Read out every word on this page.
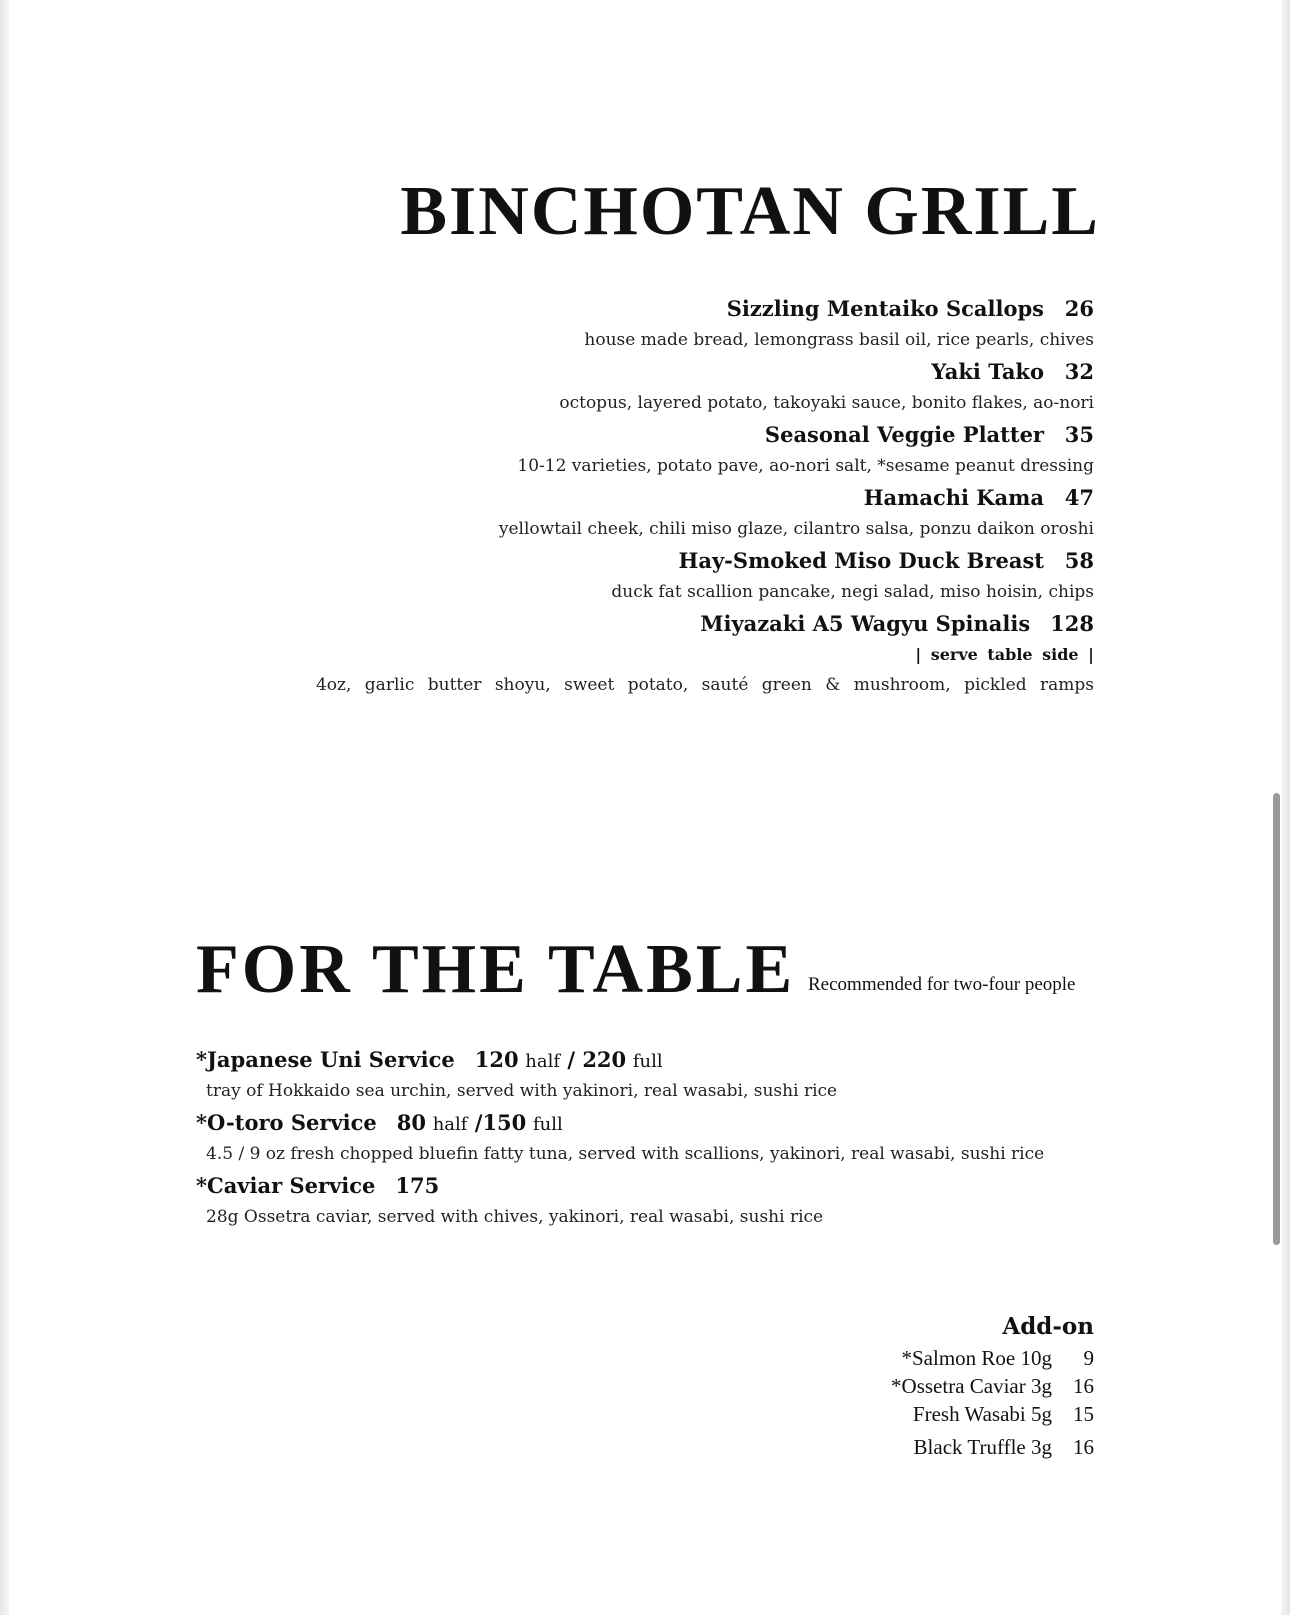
BINCHOTAN GRILL
Sizzling Mentaiko Scallops 26
house made bread, lemongrass basil oil, rice pearls, chives
Yaki Tako 32
octopus, layered potato, takoyaki sauce, bonito flakes, ao-nori
Seasonal Veggie Platter 35
10-12 varieties, potato pave, ao-nori salt, *sesame peanut dressing
Hamachi Kama 47
yellowtail cheek, chili miso glaze, cilantro salsa, ponzu daikon oroshi
Hay-Smoked Miso Duck Breast 58
duck fat scallion pancake, negi salad, miso hoisin, chips
Miyazaki A5 Wagyu Spinalis 128
| serve table side |
4oz, garlic butter shoyu, sweet potato, sauté green & mushroom, pickled ramps
FOR THE TABLE Recommended for two-four people
*Japanese Uni Service 120 half / 220 full
tray of Hokkaido sea urchin, served with yakinori, real wasabi, sushi rice
*O-toro Service 80 half /150 full
4.5 / 9 oz fresh chopped bluefin fatty tuna, served with scallions, yakinori, real wasabi, sushi rice
*Caviar Service 175
28g Ossetra caviar, served with chives, yakinori, real wasabi, sushi rice
Add-on
*Salmon Roe 10g 9
*Ossetra Caviar 3g 16
Fresh Wasabi 5g 15
Black Truffle 3g 16
